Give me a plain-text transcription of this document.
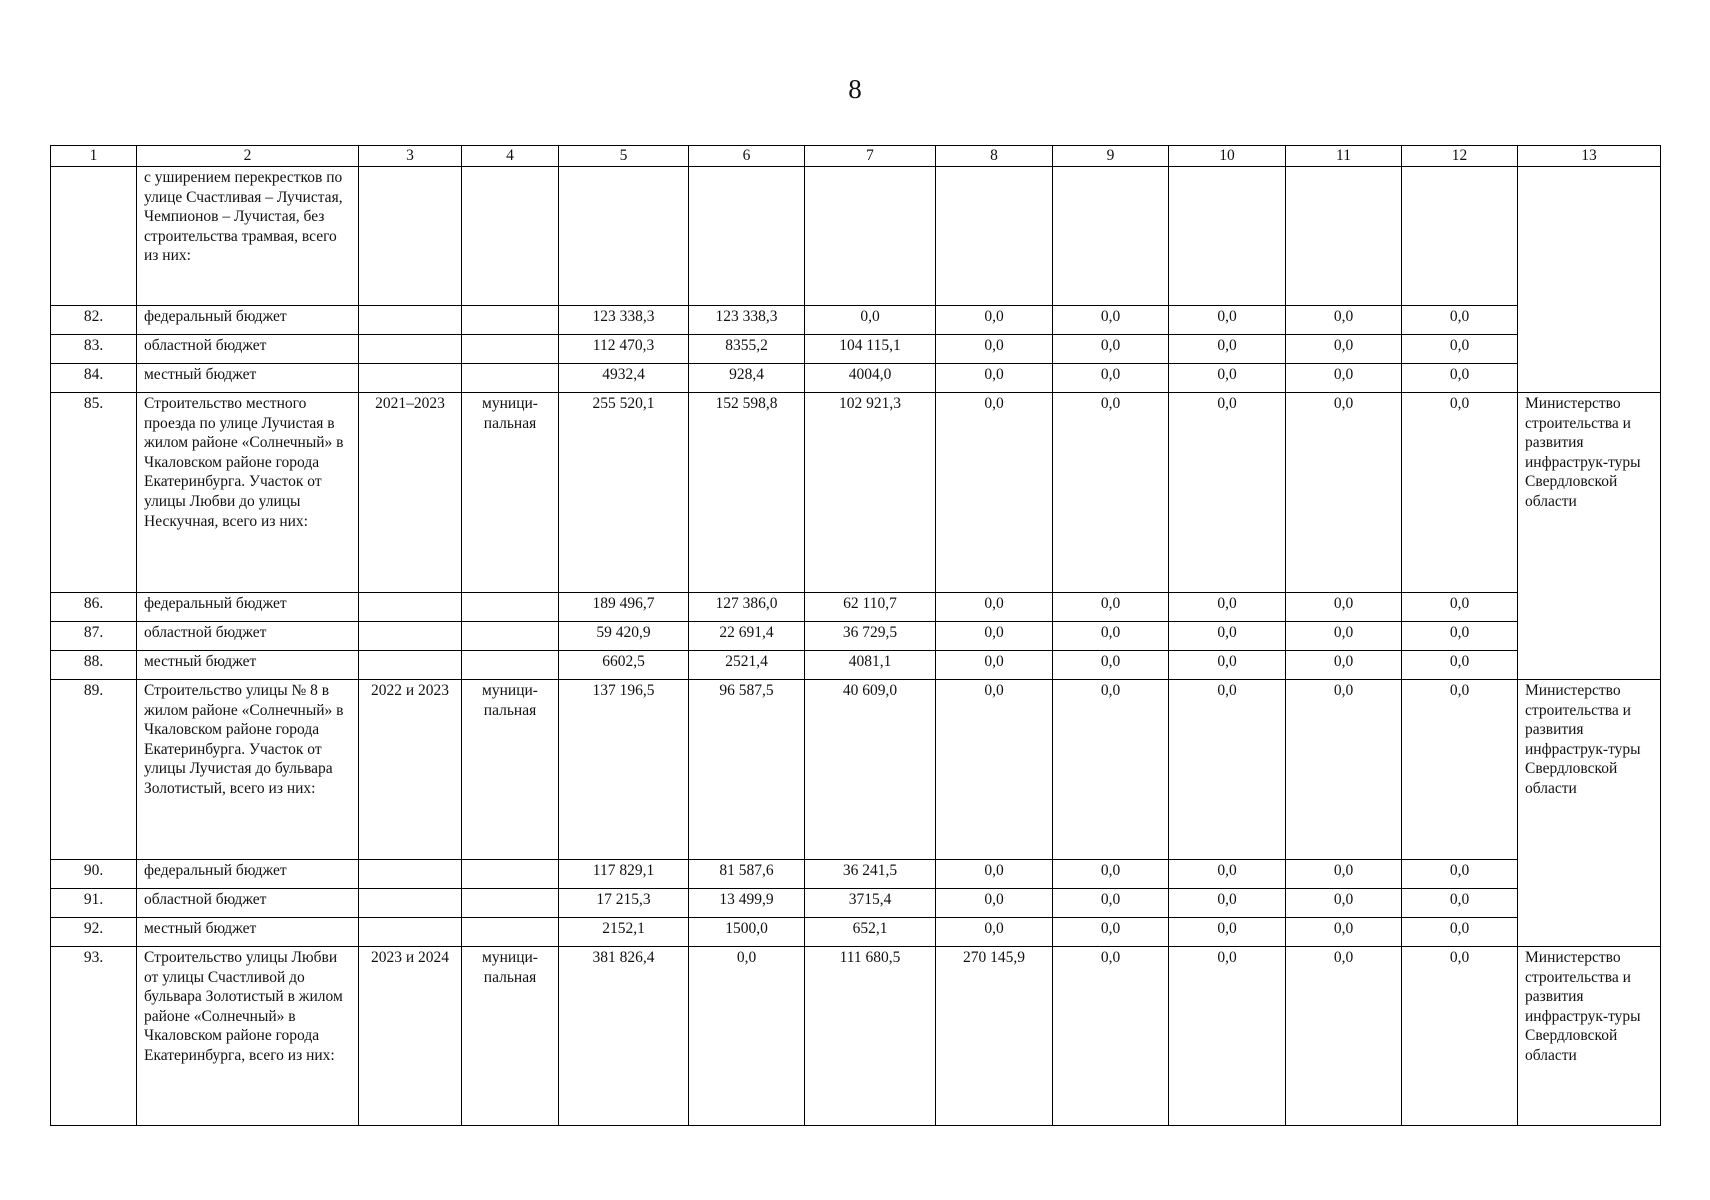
8
1	2	3	4	5	6	7	8	9	10	11	12	13
	с уширением перекрестков по улице Счастливая – Лучистая, Чемпионов – Лучистая, без строительства трамвая, всего из них:											
82.	федеральный бюджет			123 338,3	123 338,3	0,0	0,0	0,0	0,0	0,0	0,0	
83.	областной бюджет			112 470,3	8355,2	104 115,1	0,0	0,0	0,0	0,0	0,0	
84.	местный бюджет			4932,4	928,4	4004,0	0,0	0,0	0,0	0,0	0,0	
85.	Строительство местного проезда по улице Лучистая в жилом районе «Солнечный» в Чкаловском районе города Екатеринбурга. Участок от улицы Любви до улицы Нескучная, всего из них:	2021–2023	муници-пальная	255 520,1	152 598,8	102 921,3	0,0	0,0	0,0	0,0	0,0	Министерство строительства и развития инфраструк-туры Свердловской области
86.	федеральный бюджет			189 496,7	127 386,0	62 110,7	0,0	0,0	0,0	0,0	0,0	
87.	областной бюджет			59 420,9	22 691,4	36 729,5	0,0	0,0	0,0	0,0	0,0	
88.	местный бюджет			6602,5	2521,4	4081,1	0,0	0,0	0,0	0,0	0,0	
89.	Строительство улицы № 8 в жилом районе «Солнечный» в Чкаловском районе города Екатеринбурга. Участок от улицы Лучистая до бульвара Золотистый, всего из них:	2022 и 2023	муници-пальная	137 196,5	96 587,5	40 609,0	0,0	0,0	0,0	0,0	0,0	Министерство строительства и развития инфраструк-туры Свердловской области
90.	федеральный бюджет			117 829,1	81 587,6	36 241,5	0,0	0,0	0,0	0,0	0,0	
91.	областной бюджет			17 215,3	13 499,9	3715,4	0,0	0,0	0,0	0,0	0,0	
92.	местный бюджет			2152,1	1500,0	652,1	0,0	0,0	0,0	0,0	0,0	
93.	Строительство улицы Любви от улицы Счастливой до бульвара Золотистый в жилом районе «Солнечный» в Чкаловском районе города Екатеринбурга, всего из них:	2023 и 2024	муници-пальная	381 826,4	0,0	111 680,5	270 145,9	0,0	0,0	0,0	0,0	Министерство строительства и развития инфраструк-туры Свердловской области
